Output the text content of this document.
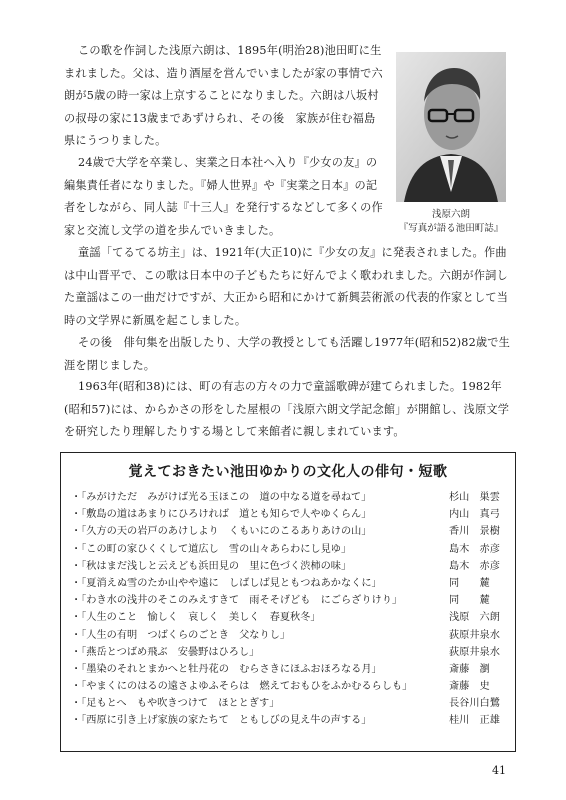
この歌を作詞した浅原六朗は、1895年(明治28)池田町に生まれました。父は、造り酒屋を営んでいましたが家の事情で六朗が5歳の時一家は上京することになりました。六朗は八坂村の叔母の家に13歳まであずけられ、その後　家族が住む福島県にうつりました。

24歳で大学を卒業し、実業之日本社へ入り『少女の友』の編集責任者になりました。『婦人世界』や『実業之日本』の記者をしながら、同人誌『十三人』を発行するなどして多くの作家と交流し文学の道を歩んでいきました。

童謡「てるてる坊主」は、1921年(大正10)に『少女の友』に発表されました。作曲は中山晋平で、この歌は日本中の子どもたちに好んでよく歌われました。六朗が作詞した童謡はこの一曲だけですが、大正から昭和にかけて新興芸術派の代表的作家として当時の文学界に新風を起こしました。

その後　俳句集を出版したり、大学の教授としても活躍し1977年(昭和52)82歳で生涯を閉じました。

1963年(昭和38)には、町の有志の方々の力で童謡歌碑が建てられました。1982年(昭和57)には、からかさの形をした屋根の「浅原六朗文学記念館」が開館し、浅原文学を研究したり理解したりする場として来館者に親しまれています。

浅原六朗
『写真が語る池田町誌』
覚えておきたい池田ゆかりの文化人の俳句・短歌
・「みがけただ　みがけば光る玉ほこの　道の中なる道を尋ねて」	杉山　巣雲
・「敷島の道はあまりにひろければ　道とも知らで人やゆくらん」	内山　真弓
・「久方の天の岩戸のあけしより　くもいにのこるありあけの山」	香川　景樹
・「この町の家ひくくして道広し　雪の山々あらわにし見ゆ」	島木　赤彦
・「秋はまだ浅しと云えども浜田見の　里に色づく渋柿の味」	島木　赤彦
・「夏消えぬ雪のたか山やや遠に　しばしば見ともつねあかなくに」	同　　麓
・「わき水の浅井のそこのみえすきて　雨そそげども　にごらざりけり」	同　　麓
・「人生のこと　愉しく　哀しく　美しく　春夏秋冬」	浅原　六朗
・「人生の有明　つばくらのごとき　父なりし」	荻原井泉水
・「燕岳とつばめ飛ぶ　安曇野はひろし」	荻原井泉水
・「墨染のそれとまかへと牡丹花の　むらさきにほふおほろなる月」	斎藤　瀏
・「やまくにのはるの遠さよゆふそらは　燃えておもひをふかむるらしも」	斎藤　史
・「足もとへ　もや吹きつけて　ほととぎす」	長谷川白鷺
・「西原に引き上げ家族の家たちて　ともしびの見え牛の声する」	桂川　正雄
41
